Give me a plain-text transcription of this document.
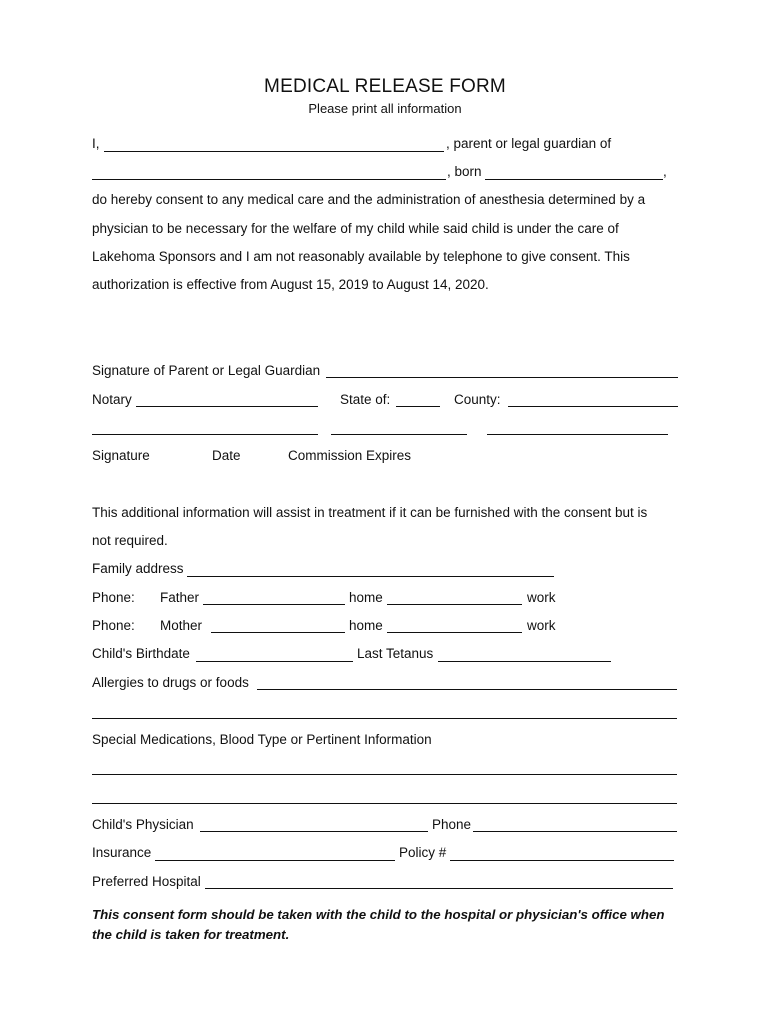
MEDICAL RELEASE FORM
Please print all information
I,	, parent or legal guardian of
, born	,
do hereby consent to any medical care and the administration of anesthesia determined by a
physician to be necessary for the welfare of my child while said child is under the care of
Lakehoma Sponsors and I am not reasonably available by telephone to give consent. This
authorization is effective from August 15, 2019 to August 14, 2020.
Signature of Parent or Legal Guardian
Notary	State of:	County:
Signature	Date	Commission Expires
This additional information will assist in treatment if it can be furnished with the consent but is
not required.
Family address
Phone: Father	home	work
Phone: Mother	home	work
Child's Birthdate	Last Tetanus
Allergies to drugs or foods
Special Medications, Blood Type or Pertinent Information
Child's Physician	Phone
Insurance	Policy #
Preferred Hospital
This consent form should be taken with the child to the hospital or physician's office when the child is taken for treatment.
